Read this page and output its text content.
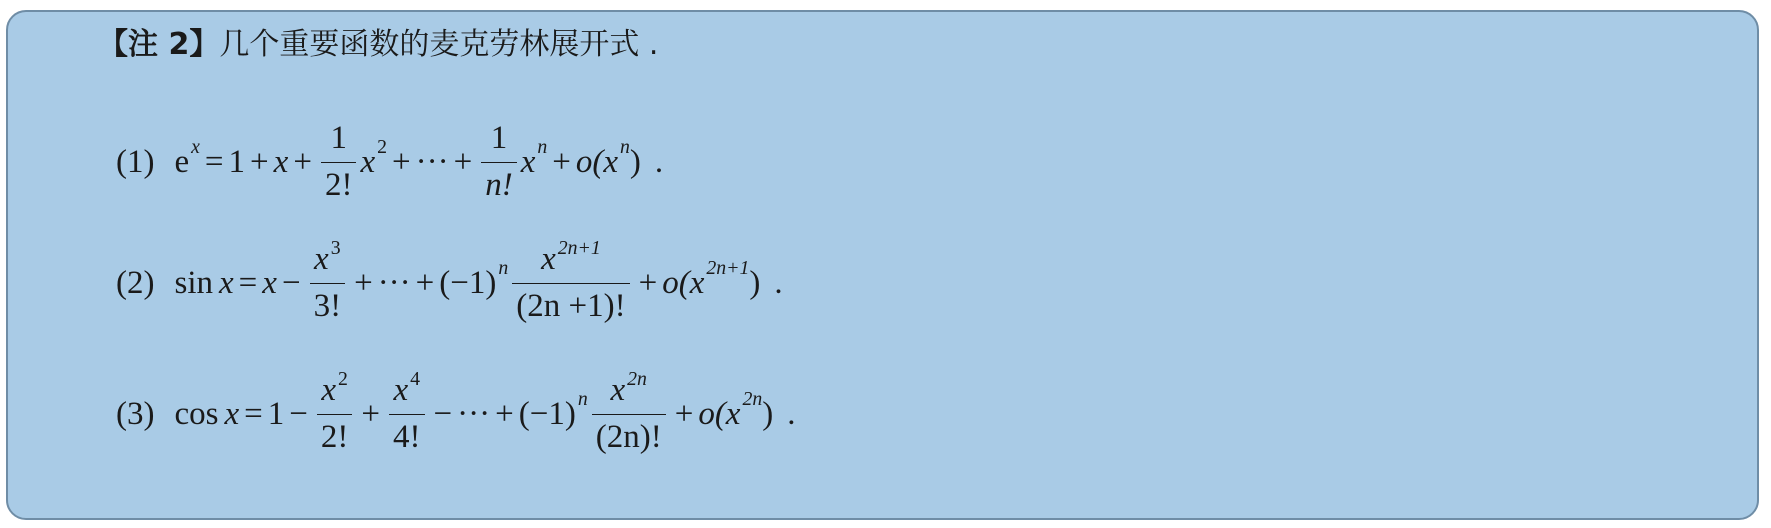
【注 2】几个重要函数的麦克劳林展开式 .
(1) $e^x = 1 + x + \frac{1}{2!} x^2$ + ··· + $\frac{1}{n!} x^n + o(x^n$ ) .
(2) $\sin x = x - \frac{x ^3}{3!}$ + ··· + $(-1)^n \frac{x ^{2n+1}}{(2n +1)!} + o(x^{2n+1}$ ) .
(3) $\cos x = 1 - \frac{x ^2}{2!} + \frac{x ^4}{4!}$ − ··· + $(-1)^n \frac{x ^{2n}}{(2n)!} + o(x^{2n}$ ) .
